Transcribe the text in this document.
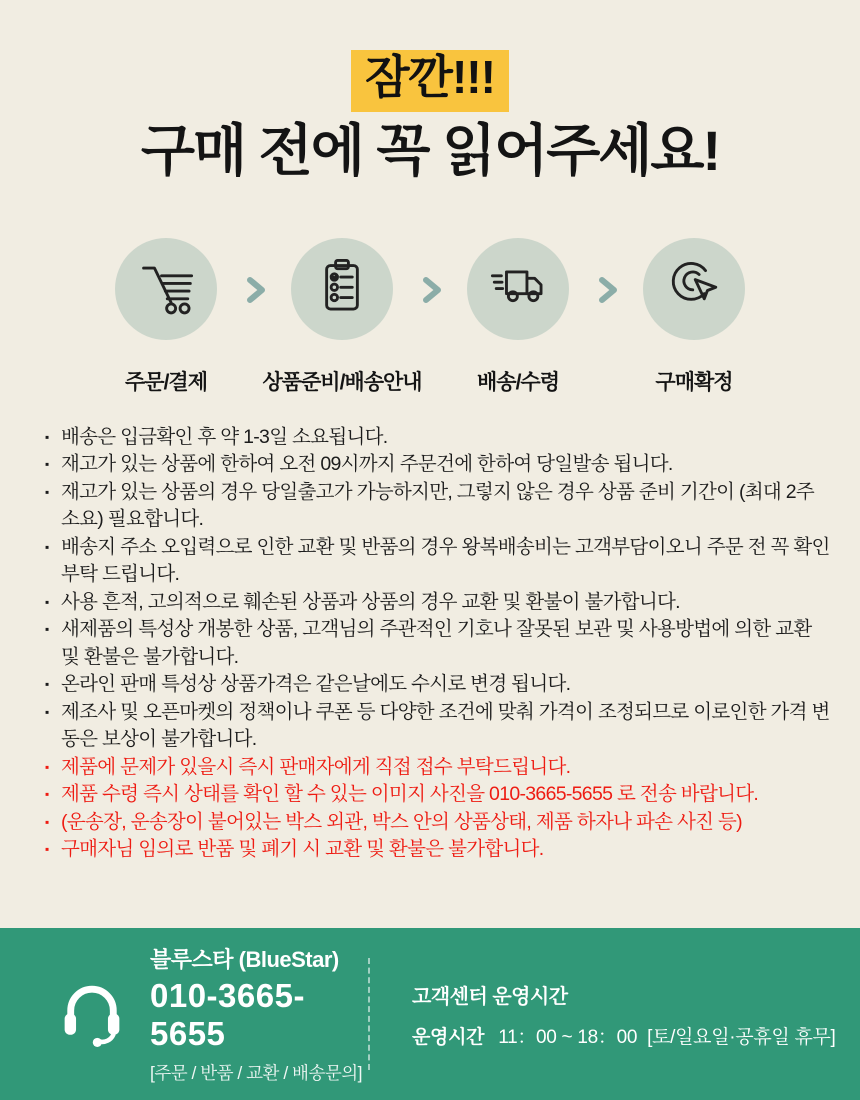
잠깐!!!
구매 전에 꼭 읽어주세요!
주문/결제	상품준비/배송안내	배송/수령	구매확정
▪ 배송은 입금확인 후 약 1-3일 소요됩니다.
▪ 재고가 있는 상품에 한하여 오전 09시까지 주문건에 한하여 당일발송 됩니다.
▪ 재고가 있는 상품의 경우 당일출고가 가능하지만, 그렇지 않은 경우 상품 준비 기간이 (최대 2주 소요) 필요합니다.
▪ 배송지 주소 오입력으로 인한 교환 및 반품의 경우 왕복배송비는 고객부담이오니 주문 전 꼭 확인 부탁 드립니다.
▪ 사용 흔적, 고의적으로 훼손된 상품과 상품의 경우 교환 및 환불이 불가합니다.
▪ 새제품의 특성상 개봉한 상품, 고객님의 주관적인 기호나 잘못된 보관 및 사용방법에 의한 교환 및 환불은 불가합니다.
▪ 온라인 판매 특성상 상품가격은 같은날에도 수시로 변경 됩니다.
▪ 제조사 및 오픈마켓의 정책이나 쿠폰 등 다양한 조건에 맞춰 가격이 조정되므로 이로인한 가격 변동은 보상이 불가합니다.
▪ 제품에 문제가 있을시 즉시 판매자에게 직접 접수 부탁드립니다.
▪ 제품 수령 즉시 상태를 확인 할 수 있는 이미지 사진을 010-3665-5655 로 전송 바랍니다.
▪ (운송장, 운송장이 붙어있는 박스 외관, 박스 안의 상품상태, 제품 하자나 파손 사진 등)
▪ 구매자님 임의로 반품 및 폐기 시 교환 및 환불은 불가합니다.
블루스타 (BlueStar)
010-3665-5655
[주문 / 반품 / 교환 / 배송문의]
고객센터 운영시간
운영시간 11：00 ~ 18：00 [토/일요일·공휴일 휴무]
